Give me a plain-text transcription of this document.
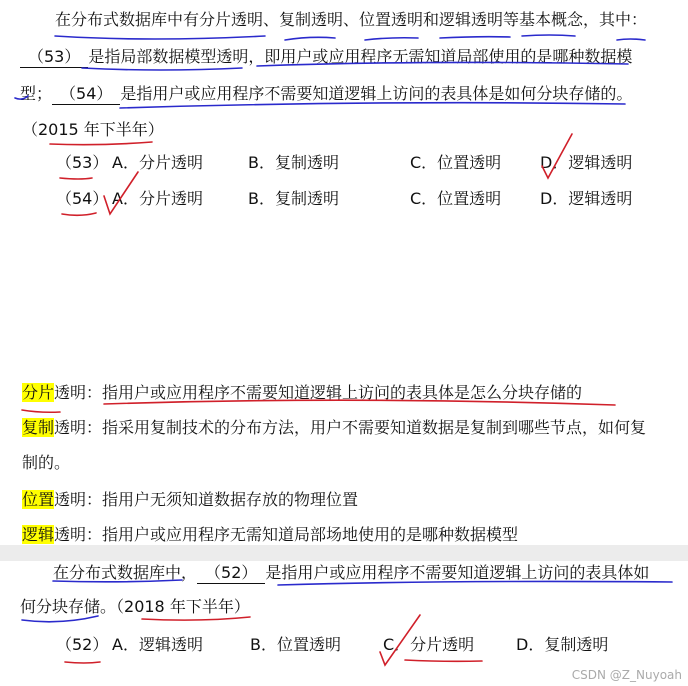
在分布式数据库中有分片透明、复制透明、位置透明和逻辑透明等基本概念，其中：
（53） 是指局部数据模型透明，即用户或应用程序无需知道局部使用的是哪种数据模
型； （54） 是指用户或应用程序不需要知道逻辑上访问的表具体是如何分块存储的。
（2015 年下半年）
（53） A．分片透明	B．复制透明	C．位置透明 D．逻辑透明
（54） A．分片透明	B．复制透明	C．位置透明 D．逻辑透明
分片透明：指用户或应用程序不需要知道逻辑上访问的表具体是怎么分块存储的
复制透明：指采用复制技术的分布方法，用户不需要知道数据是复制到哪些节点，如何复
制的。
位置透明：指用户无须知道数据存放的物理位置
逻辑透明：指用户或应用程序无需知道局部场地使用的是哪种数据模型
在分布式数据库中， （52） 是指用户或应用程序不需要知道逻辑上访问的表具体如
何分块存储。（2018 年下半年）
（52） A．逻辑透明	B．位置透明	C．分片透明	D．复制透明
CSDN @Z_Nuyoah
